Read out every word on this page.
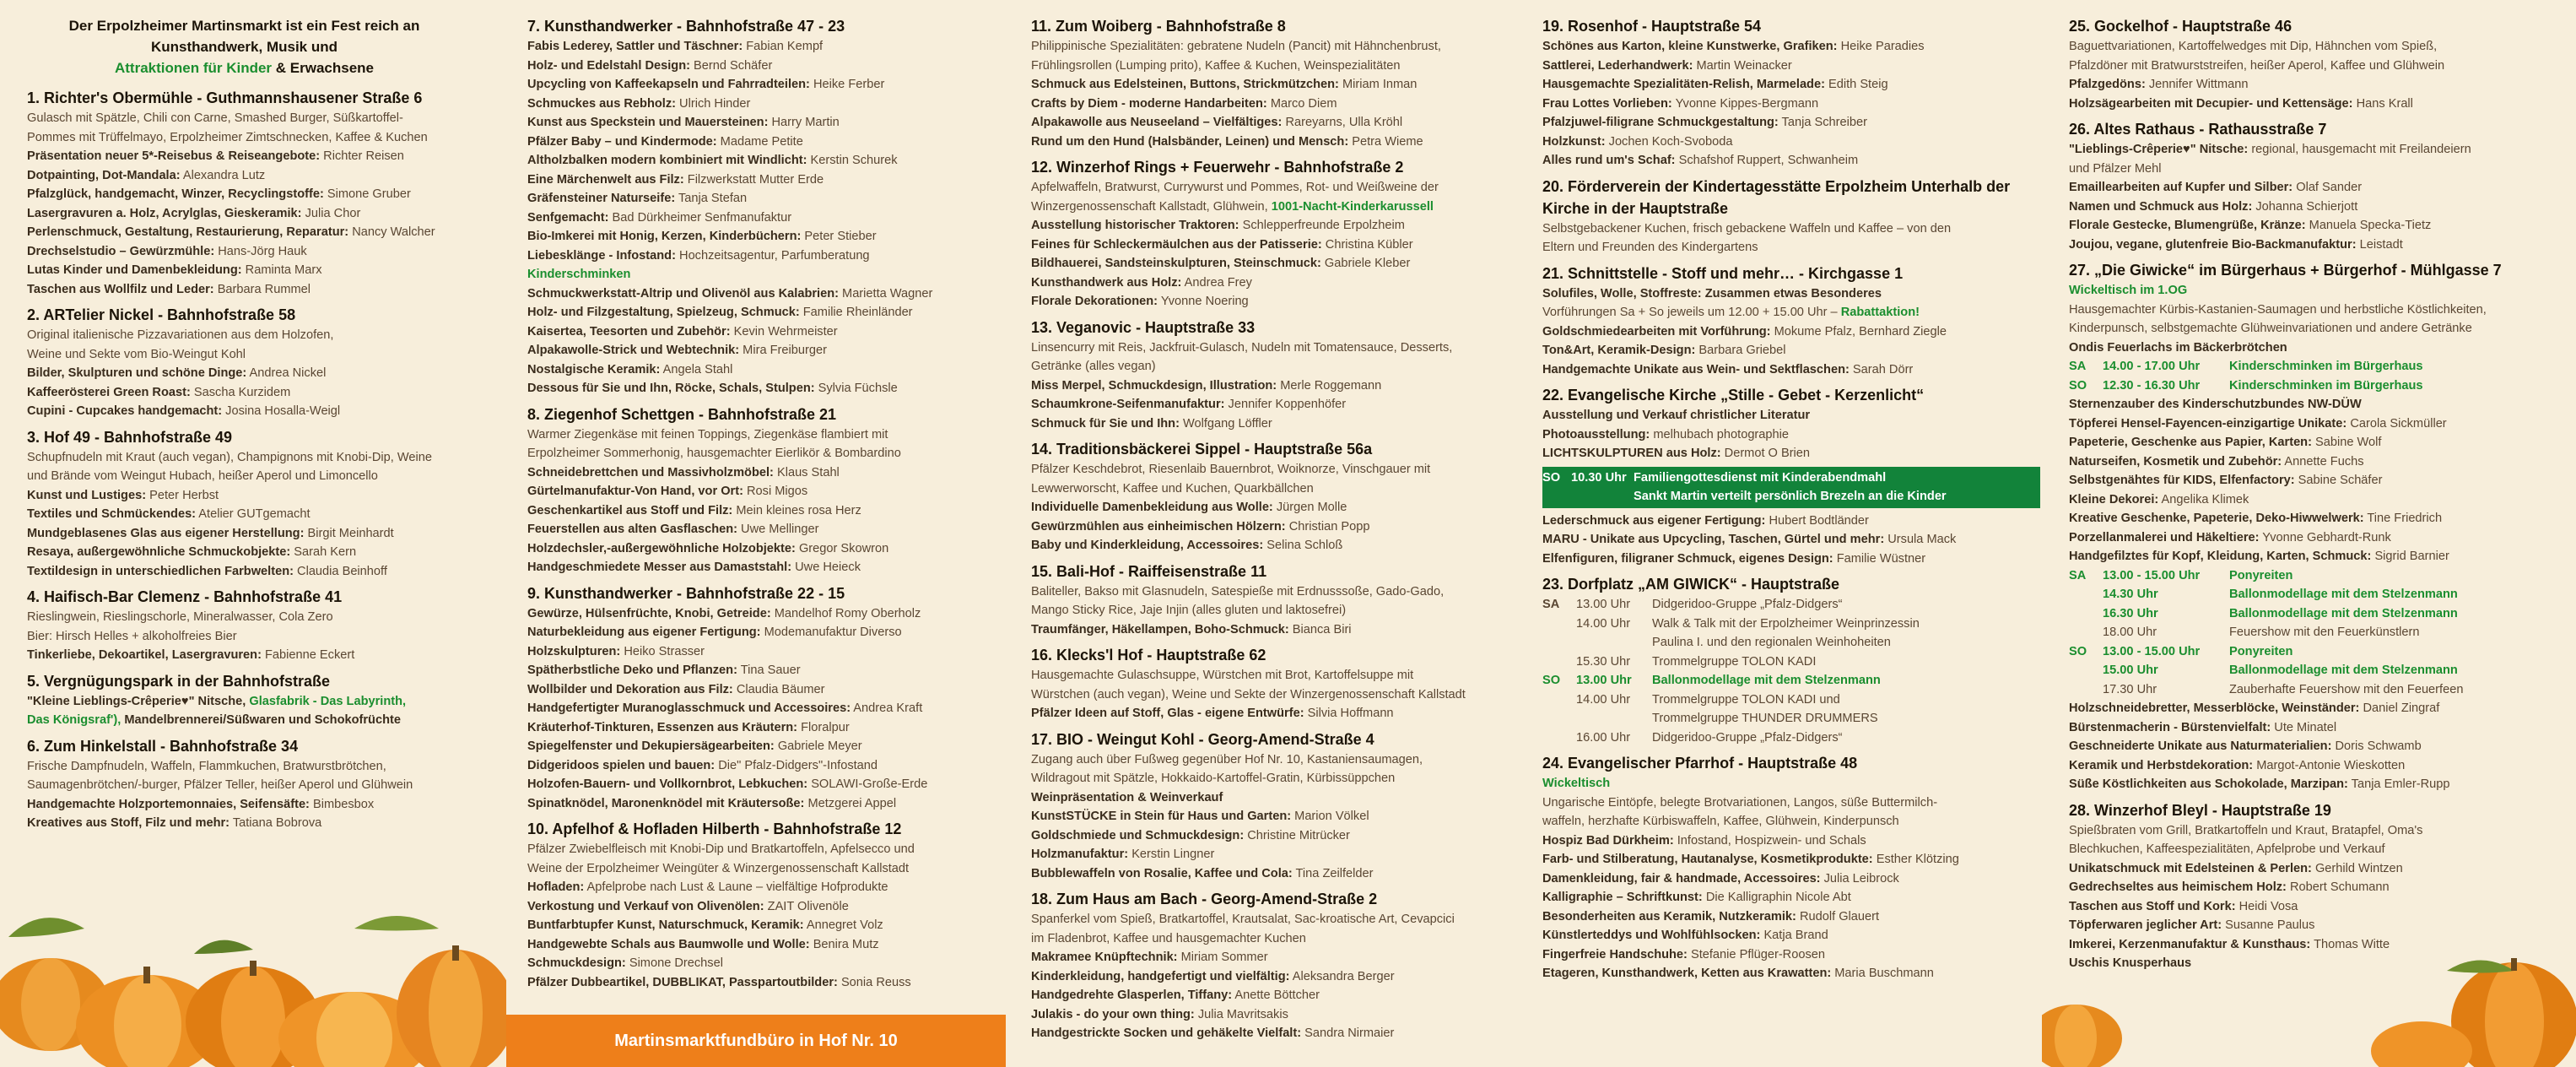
Der Erpolzheimer Martinsmarkt ist ein Fest reich an
Kunsthandwerk, Musik und
Attraktionen für Kinder & Erwachsene
1. Richter's Obermühle - Guthmannshausener Straße 6
Gulasch mit Spätzle, Chili con Carne, Smashed Burger, Süßkartoffel-
Pommes mit Trüffelmayo, Erpolzheimer Zimtschnecken, Kaffee & Kuchen
Präsentation neuer 5*-Reisebus & Reiseangebote: Richter Reisen
Dotpainting, Dot-Mandala: Alexandra Lutz
Pfalzglück, handgemacht, Winzer, Recyclingstoffe: Simone Gruber
Lasergravuren a. Holz, Acrylglas, Gieskeramik: Julia Chor
Perlenschmuck, Gestaltung, Restaurierung, Reparatur: Nancy Walcher
Drechselstudio – Gewürzmühle: Hans-Jörg Hauk
Lutas Kinder und Damenbekleidung: Raminta Marx
Taschen aus Wollfilz und Leder: Barbara Rummel
2. ARTelier Nickel - Bahnhofstraße 58
Original italienische Pizzavariationen aus dem Holzofen,
Weine und Sekte vom Bio-Weingut Kohl
Bilder, Skulpturen und schöne Dinge: Andrea Nickel
Kaffeerösterei Green Roast: Sascha Kurzidem
Cupini - Cupcakes handgemacht: Josina Hosalla-Weigl
3. Hof 49 - Bahnhofstraße 49
Schupfnudeln mit Kraut (auch vegan), Champignons mit Knobi-Dip, Weine
und Brände vom Weingut Hubach, heißer Aperol und Limoncello
Kunst und Lustiges: Peter Herbst
Textiles und Schmückendes: Atelier GUTgemacht
Mundgeblasenes Glas aus eigener Herstellung: Birgit Meinhardt
Resaya, außergewöhnliche Schmuckobjekte: Sarah Kern
Textildesign in unterschiedlichen Farbwelten: Claudia Beinhoff
4. Haifisch-Bar Clemenz - Bahnhofstraße 41
Rieslingwein, Rieslingschorle, Mineralwasser, Cola Zero
Bier: Hirsch Helles + alkoholfreies Bier
Tinkerliebe, Dekoartikel, Lasergravuren: Fabienne Eckert
5. Vergnügungspark in der Bahnhofstraße
"Kleine Lieblings-Crêperie♥" Nitsche, Glasfabrik - Das Labyrinth,
Das Königsraf'), Mandelbrennerei/Süßwaren und Schokofrüchte
6. Zum Hinkelstall - Bahnhofstraße 34
Frische Dampfnudeln, Waffeln, Flammkuchen, Bratwurstbrötchen,
Saumagenbrötchen/-burger, Pfälzer Teller, heißer Aperol und Glühwein
Handgemachte Holzportemonnaies, Seifensäfte: Bimbesbox
Kreatives aus Stoff, Filz und mehr: Tatiana Bobrova
7. Kunsthandwerker - Bahnhofstraße 47 - 23
Fabis Lederey, Sattler und Täschner: Fabian Kempf
Holz- und Edelstahl Design: Bernd Schäfer
Upcycling von Kaffeekapseln und Fahrradteilen: Heike Ferber
Schmuckes aus Rebholz: Ulrich Hinder
Kunst aus Speckstein und Mauersteinen: Harry Martin
Pfälzer Baby – und Kindermode: Madame Petite
Altholzbalken modern kombiniert mit Windlicht: Kerstin Schurek
Eine Märchenwelt aus Filz: Filzwerkstatt Mutter Erde
Gräfensteiner Naturseife: Tanja Stefan
Senfgemacht: Bad Dürkheimer Senfmanufaktur
Bio-Imkerei mit Honig, Kerzen, Kinderbüchern: Peter Stieber
Liebesklänge - Infostand: Hochzeitsagentur, Parfumberatung
Kinderschminken
Schmuckwerkstatt-Altrip und Olivenöl aus Kalabrien: Marietta Wagner
Holz- und Filzgestaltung, Spielzeug, Schmuck: Familie Rheinländer
Kaisertea, Teesorten und Zubehör: Kevin Wehrmeister
Alpakawolle-Strick und Webtechnik: Mira Freiburger
Nostalgische Keramik: Angela Stahl
Dessous für Sie und Ihn, Röcke, Schals, Stulpen: Sylvia Füchsle
8. Ziegenhof Schettgen - Bahnhofstraße 21
Warmer Ziegenkäse mit feinen Toppings, Ziegenkäse flambiert mit
Erpolzheimer Sommerhonig, hausgemachter Eierlikör & Bombardino
Schneidebrettchen und Massivholzmöbel: Klaus Stahl
Gürtelmanufaktur-Von Hand, vor Ort: Rosi Migos
Geschenkartikel aus Stoff und Filz: Mein kleines rosa Herz
Feuerstellen aus alten Gasflaschen: Uwe Mellinger
Holzdechsler,-außergewöhnliche Holzobjekte: Gregor Skowron
Handgeschmiedete Messer aus Damaststahl: Uwe Heieck
9. Kunsthandwerker - Bahnhofstraße 22 - 15
Gewürze, Hülsenfrüchte, Knobi, Getreide: Mandelhof Romy Oberholz
Naturbekleidung aus eigener Fertigung: Modemanufaktur Diverso
Holzskulpturen: Heiko Strasser
Spätherbstliche Deko und Pflanzen: Tina Sauer
Wollbilder und Dekoration aus Filz: Claudia Bäumer
Handgefertigter Muranoglasschmuck und Accessoires: Andrea Kraft
Kräuterhof-Tinkturen, Essenzen aus Kräutern: Floralpur
Spiegelfenster und Dekupiersägearbeiten: Gabriele Meyer
Didgeridoos spielen und bauen: Die" Pfalz-Didgers"-Infostand
Holzofen-Bauern- und Vollkornbrot, Lebkuchen: SOLAWI-Große-Erde
Spinatknödel, Maronenknödel mit Kräutersoße: Metzgerei Appel
10. Apfelhof & Hofladen Hilberth - Bahnhofstraße 12
Pfälzer Zwiebelfleisch mit Knobi-Dip und Bratkartoffeln, Apfelsecco und
Weine der Erpolzheimer Weingüter & Winzergenossenschaft Kallstadt
Hofladen: Apfelprobe nach Lust & Laune – vielfältige Hofprodukte
Verkostung und Verkauf von Olivenölen: ZAIT Olivenöle
Buntfarbtupfer Kunst, Naturschmuck, Keramik: Annegret Volz
Handgewebte Schals aus Baumwolle und Wolle: Benira Mutz
Schmuckdesign: Simone Drechsel
Pfälzer Dubbeartikel, DUBBLIKAT, Passpartoutbilder: Sonia Reuss
11. Zum Woiberg - Bahnhofstraße 8
Philippinische Spezialitäten: gebratene Nudeln (Pancit) mit Hähnchenbrust,
Frühlingsrollen (Lumping prito), Kaffee & Kuchen, Weinspezialitäten
Schmuck aus Edelsteinen, Buttons, Strickmützchen: Miriam Inman
Crafts by Diem - moderne Handarbeiten: Marco Diem
Alpakawolle aus Neuseeland – Vielfältiges: Rareyarns, Ulla Kröhl
Rund um den Hund (Halsbänder, Leinen) und Mensch: Petra Wieme
12. Winzerhof Rings + Feuerwehr - Bahnhofstraße 2
Apfelwaffeln, Bratwurst, Currywurst und Pommes, Rot- und Weißweine der
Winzergenossenschaft Kallstadt, Glühwein, 1001-Nacht-Kinderkarussell
Ausstellung historischer Traktoren: Schlepperfreunde Erpolzheim
Feines für Schleckermäulchen aus der Patisserie: Christina Kübler
Bildhauerei, Sandsteinskulpturen, Steinschmuck: Gabriele Kleber
Kunsthandwerk aus Holz: Andrea Frey
Florale Dekorationen: Yvonne Noering
13. Veganovic - Hauptstraße 33
Linsencurry mit Reis, Jackfruit-Gulasch, Nudeln mit Tomatensauce, Desserts,
Getränke (alles vegan)
Miss Merpel, Schmuckdesign, Illustration: Merle Roggemann
Schaumkrone-Seifenmanufaktur: Jennifer Koppenhöfer
Schmuck für Sie und Ihn: Wolfgang Löffler
14. Traditionsbäckerei Sippel - Hauptstraße 56a
Pfälzer Keschdebrot, Riesenlaib Bauernbrot, Woiknorze, Vinschgauer mit
Lewwerworscht, Kaffee und Kuchen, Quarkbällchen
Individuelle Damenbekleidung aus Wolle: Jürgen Molle
Gewürzmühlen aus einheimischen Hölzern: Christian Popp
Baby und Kinderkleidung, Accessoires: Selina Schloß
15. Bali-Hof - Raiffeisenstraße 11
Baliteller, Bakso mit Glasnudeln, Satespieße mit Erdnusssoße, Gado-Gado,
Mango Sticky Rice, Jaje Injin (alles gluten und laktosefrei)
Traumfänger, Häkellampen, Boho-Schmuck: Bianca Biri
16. Klecks'l Hof - Hauptstraße 62
Hausgemachte Gulaschsuppe, Würstchen mit Brot, Kartoffelsuppe mit
Würstchen (auch vegan), Weine und Sekte der Winzergenossenschaft Kallstadt
Pfälzer Ideen auf Stoff, Glas - eigene Entwürfe: Silvia Hoffmann
17. BIO - Weingut Kohl - Georg-Amend-Straße 4
Zugang auch über Fußweg gegenüber Hof Nr. 10, Kastaniensaumagen,
Wildragout mit Spätzle, Hokkaido-Kartoffel-Gratin, Kürbissüppchen
Weinpräsentation & Weinverkauf
KunstSTÜCKE in Stein für Haus und Garten: Marion Völkel
Goldschmiede und Schmuckdesign: Christine Mitrücker
Holzmanufaktur: Kerstin Lingner
Bubblewaffeln von Rosalie, Kaffee und Cola: Tina Zeilfelder
18. Zum Haus am Bach - Georg-Amend-Straße 2
Spanferkel vom Spieß, Bratkartoffel, Krautsalat, Sac-kroatische Art, Cevapcici
im Fladenbrot, Kaffee und hausgemachter Kuchen
Makramee Knüpftechnik: Miriam Sommer
Kinderkleidung, handgefertigt und vielfältig: Aleksandra Berger
Handgedrehte Glasperlen, Tiffany: Anette Böttcher
Julakis - do your own thing: Julia Mavritsakis
Handgestrickte Socken und gehäkelte Vielfalt: Sandra Nirmaier
19. Rosenhof - Hauptstraße 54
Schönes aus Karton, kleine Kunstwerke, Grafiken: Heike Paradies
Sattlerei, Lederhandwerk: Martin Weinacker
Hausgemachte Spezialitäten-Relish, Marmelade: Edith Steig
Frau Lottes Vorlieben: Yvonne Kippes-Bergmann
Pfalzjuwel-filigrane Schmuckgestaltung: Tanja Schreiber
Holzkunst: Jochen Koch-Svoboda
Alles rund um's Schaf: Schafshof Ruppert, Schwanheim
20. Förderverein der Kindertagesstätte Erpolzheim Unterhalb der Kirche in der Hauptstraße
Selbstgebackener Kuchen, frisch gebackene Waffeln und Kaffee – von den
Eltern und Freunden des Kindergartens
21. Schnittstelle - Stoff und mehr… - Kirchgasse 1
Solufiles, Wolle, Stoffreste: Zusammen etwas Besonderes
Vorführungen Sa + So jeweils um 12.00 + 15.00 Uhr – Rabattaktion!
Goldschmiedearbeiten mit Vorführung: Mokume Pfalz, Bernhard Ziegle
Ton&Art, Keramik-Design: Barbara Griebel
Handgemachte Unikate aus Wein- und Sektflaschen: Sarah Dörr
22. Evangelische Kirche „Stille - Gebet - Kerzenlicht“
Ausstellung und Verkauf christlicher Literatur
Photoausstellung: melhubach photographie
LICHTSKULPTUREN aus Holz: Dermot O Brien
SO 10.30 Uhr Familiengottesdienst mit Kinderabendmahl
Sankt Martin verteilt persönlich Brezeln an die Kinder
Lederschmuck aus eigener Fertigung: Hubert Bodtländer
MARU - Unikate aus Upcycling, Taschen, Gürtel und mehr: Ursula Mack
Elfenfiguren, filigraner Schmuck, eigenes Design: Familie Wüstner
23. Dorfplatz „AM GIWICK“ - Hauptstraße
SA	13.00 Uhr	Didgeridoo-Gruppe „Pfalz-Didgers“
14.00 Uhr	Walk & Talk mit der Erpolzheimer Weinprinzessin
Paulina I. und den regionalen Weinhoheiten
15.30 Uhr	Trommelgruppe TOLON KADI
SO	13.00 Uhr	Ballonmodellage mit dem Stelzenmann
14.00 Uhr	Trommelgruppe TOLON KADI und
Trommelgruppe THUNDER DRUMMERS
16.00 Uhr	Didgeridoo-Gruppe „Pfalz-Didgers“
24. Evangelischer Pfarrhof - Hauptstraße 48
Wickeltisch
Ungarische Eintöpfe, belegte Brotvariationen, Langos, süße Buttermilch-
waffeln, herzhafte Kürbiswaffeln, Kaffee, Glühwein, Kinderpunsch
Hospiz Bad Dürkheim: Infostand, Hospizwein- und Schals
Farb- und Stilberatung, Hautanalyse, Kosmetikprodukte: Esther Klötzing
Damenkleidung, fair & handmade, Accessoires: Julia Leibrock
Kalligraphie – Schriftkunst: Die Kalligraphin Nicole Abt
Besonderheiten aus Keramik, Nutzkeramik: Rudolf Glauert
Künstlerteddys und Wohlfühlsocken: Katja Brand
Fingerfreie Handschuhe: Stefanie Pflüger-Roosen
Etageren, Kunsthandwerk, Ketten aus Krawatten: Maria Buschmann
25. Gockelhof - Hauptstraße 46
Baguettvariationen, Kartoffelwedges mit Dip, Hähnchen vom Spieß,
Pfalzdöner mit Bratwurststreifen, heißer Aperol, Kaffee und Glühwein
Pfalzgedöns: Jennifer Wittmann
Holzsägearbeiten mit Decupier- und Kettensäge: Hans Krall
26. Altes Rathaus - Rathausstraße 7
"Lieblings-Crêperie♥" Nitsche: regional, hausgemacht mit Freilandeiern
und Pfälzer Mehl
Emaillearbeiten auf Kupfer und Silber: Olaf Sander
Namen und Schmuck aus Holz: Johanna Schierjott
Florale Gestecke, Blumengrüße, Kränze: Manuela Specka-Tietz
Joujou, vegane, glutenfreie Bio-Backmanufaktur: Leistadt
27. „Die Giwicke“ im Bürgerhaus + Bürgerhof - Mühlgasse 7
Wickeltisch im 1.OG
Hausgemachter Kürbis-Kastanien-Saumagen und herbstliche Köstlichkeiten,
Kinderpunsch, selbstgemachte Glühweinvariationen und andere Getränke
Ondis Feuerlachs im Bäckerbrötchen
SA	14.00 - 17.00 Uhr	Kinderschminken im Bürgerhaus
SO	12.30 - 16.30 Uhr	Kinderschminken im Bürgerhaus
Sternenzauber des Kinderschutzbundes NW-DÜW
Töpferei Hensel-Fayencen-einzigartige Unikate: Carola Sickmüller
Papeterie, Geschenke aus Papier, Karten: Sabine Wolf
Naturseifen, Kosmetik und Zubehör: Annette Fuchs
Selbstgenähtes für KIDS, Elfenfactory: Sabine Schäfer
Kleine Dekorei: Angelika Klimek
Kreative Geschenke, Papeterie, Deko-Hiwwelwerk: Tine Friedrich
Porzellanmalerei und Häkeltiere: Yvonne Gebhardt-Runk
Handgefilztes für Kopf, Kleidung, Karten, Schmuck: Sigrid Barnier
SA	13.00 - 15.00 Uhr	Ponyreiten
14.30 Uhr	Ballonmodellage mit dem Stelzenmann
16.30 Uhr	Ballonmodellage mit dem Stelzenmann
18.00 Uhr	Feuershow mit den Feuerkünstlern
SO	13.00 - 15.00 Uhr	Ponyreiten
15.00 Uhr	Ballonmodellage mit dem Stelzenmann
17.30 Uhr	Zauberhafte Feuershow mit den Feuerfeen
Holzschneidebretter, Messerblöcke, Weinständer: Daniel Zingraf
Bürstenmacherin - Bürstenvielfalt: Ute Minatel
Geschneiderte Unikate aus Naturmaterialien: Doris Schwamb
Keramik und Herbstdekoration: Margot-Antonie Wieskotten
Süße Köstlichkeiten aus Schokolade, Marzipan: Tanja Emler-Rupp
28. Winzerhof Bleyl - Hauptstraße 19
Spießbraten vom Grill, Bratkartoffeln und Kraut, Bratapfel, Oma's
Blechkuchen, Kaffeespezialitäten, Apfelprobe und Verkauf
Unikatschmuck mit Edelsteinen & Perlen: Gerhild Wintzen
Gedrechseltes aus heimischem Holz: Robert Schumann
Taschen aus Stoff und Kork: Heidi Vosa
Töpferwaren jeglicher Art: Susanne Paulus
Imkerei, Kerzenmanufaktur & Kunsthaus: Thomas Witte
Uschis Knusperhaus
Martinsmarktfundbüro in Hof Nr. 10
